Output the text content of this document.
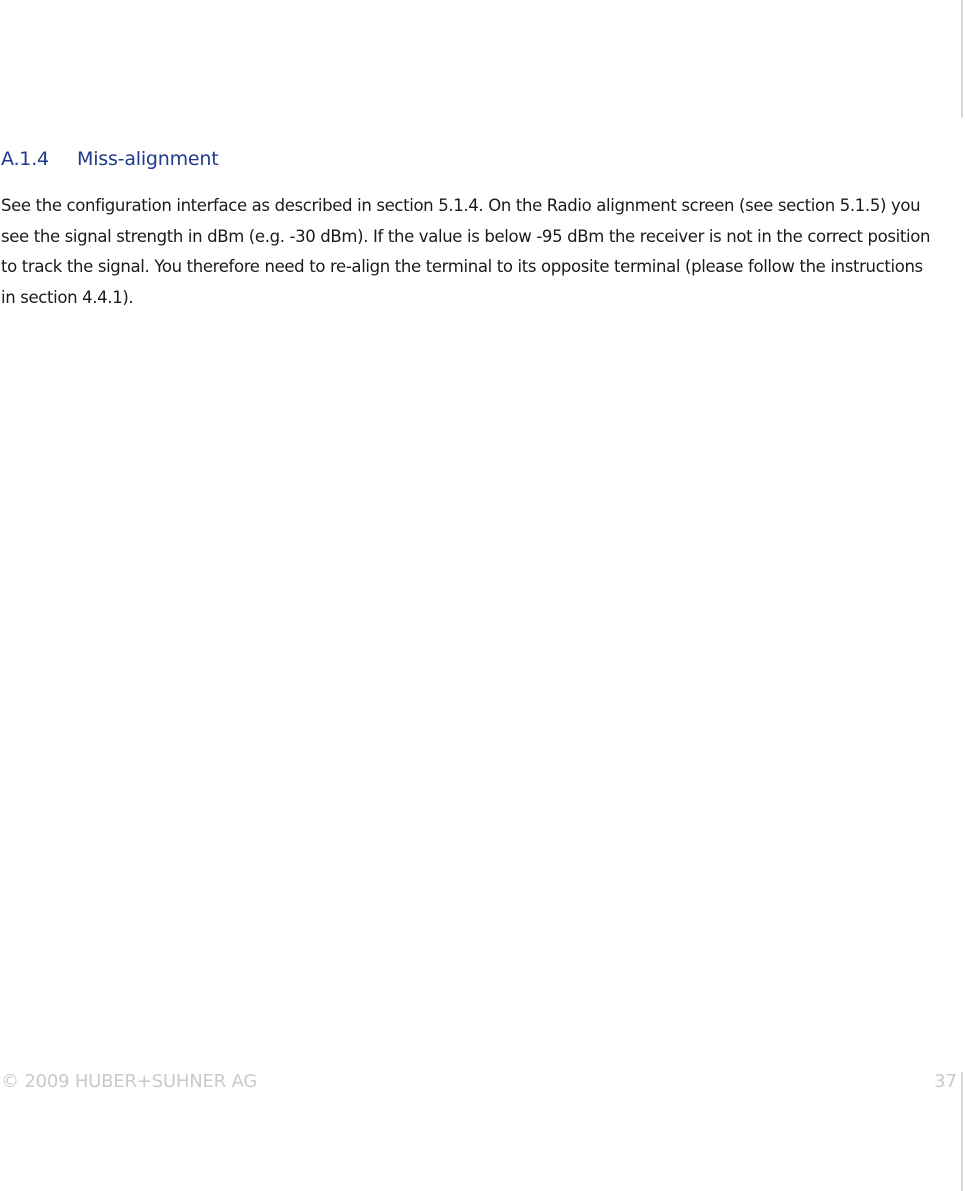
A.1.4 Miss-alignment

See the configuration interface as described in section 5.1.4. On the Radio alignment screen (see section 5.1.5) you see the signal strength in dBm (e.g. -30 dBm). If the value is below -95 dBm the receiver is not in the correct position to track the signal. You therefore need to re-align the terminal to its opposite terminal (please follow the instructions in section 4.4.1).

© 2009 HUBER+SUHNER AG	37
